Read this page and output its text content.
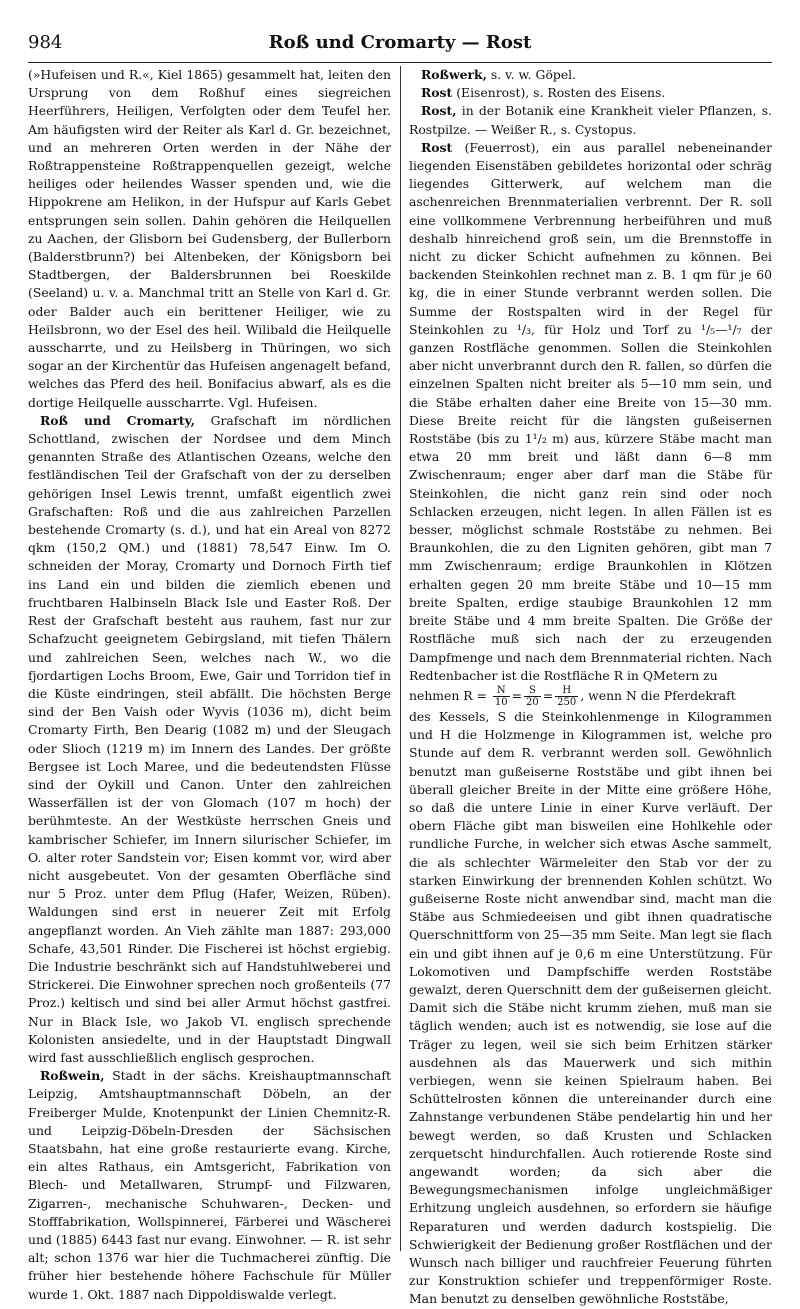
984	Roß und Cromarty — Rost

(»Hufeisen und R.«, Kiel 1865) gesammelt hat, leiten den Ursprung von dem Roßhuf eines siegreichen Heerführers, Heiligen, Verfolgten oder dem Teufel her. Am häufigsten wird der Reiter als Karl d. Gr. bezeichnet, und an mehreren Orten werden in der Nähe der Roßtrappensteine Roßtrappenquellen gezeigt, welche heiliges oder heilendes Wasser spenden und, wie die Hippokrene am Helikon, in der Hufspur auf Karls Gebet entsprungen sein sollen. Dahin gehören die Heilquellen zu Aachen, der Glisborn bei Gudensberg, der Bullerborn (Balderstbrunn?) bei Altenbeken, der Königsborn bei Stadtbergen, der Baldersbrunnen bei Roeskilde (Seeland) u. v. a. Manchmal tritt an Stelle von Karl d. Gr. oder Balder auch ein berittener Heiliger, wie zu Heilsbronn, wo der Esel des heil. Wilibald die Heilquelle ausscharrte, und zu Heilsberg in Thüringen, wo sich sogar an der Kirchentür das Hufeisen angenagelt befand, welches das Pferd des heil. Bonifacius abwarf, als es die dortige Heilquelle ausscharrte. Vgl. Hufeisen.

Roß und Cromarty, Grafschaft im nördlichen Schottland, zwischen der Nordsee und dem Minch genannten Straße des Atlantischen Ozeans, welche den festländischen Teil der Grafschaft von der zu derselben gehörigen Insel Lewis trennt, umfaßt eigentlich zwei Grafschaften: Roß und die aus zahlreichen Parzellen bestehende Cromarty (s. d.), und hat ein Areal von 8272 qkm (150,2 QM.) und (1881) 78,547 Einw. Im O. schneiden der Moray, Cromarty und Dornoch Firth tief ins Land ein und bilden die ziemlich ebenen und fruchtbaren Halbinseln Black Isle und Easter Roß. Der Rest der Grafschaft besteht aus rauhem, fast nur zur Schafzucht geeignetem Gebirgsland, mit tiefen Thälern und zahlreichen Seen, welches nach W., wo die fjordartigen Lochs Broom, Ewe, Gair und Torridon tief in die Küste eindringen, steil abfällt. Die höchsten Berge sind der Ben Vaish oder Wyvis (1036 m), dicht beim Cromarty Firth, Ben Dearig (1082 m) und der Sleugach oder Slioch (1219 m) im Innern des Landes. Der größte Bergsee ist Loch Maree, und die bedeutendsten Flüsse sind der Oykill und Canon. Unter den zahlreichen Wasserfällen ist der von Glomach (107 m hoch) der berühmteste. An der Westküste herrschen Gneis und kambrischer Schiefer, im Innern silurischer Schiefer, im O. alter roter Sandstein vor; Eisen kommt vor, wird aber nicht ausgebeutet. Von der gesamten Oberfläche sind nur 5 Proz. unter dem Pflug (Hafer, Weizen, Rüben). Waldungen sind erst in neuerer Zeit mit Erfolg angepflanzt worden. An Vieh zählte man 1887: 293,000 Schafe, 43,501 Rinder. Die Fischerei ist höchst ergiebig. Die Industrie beschränkt sich auf Handstuhlweberei und Strickerei. Die Einwohner sprechen noch großenteils (77 Proz.) keltisch und sind bei aller Armut höchst gastfrei. Nur in Black Isle, wo Jakob VI. englisch sprechende Kolonisten ansiedelte, und in der Hauptstadt Dingwall wird fast ausschließlich englisch gesprochen.

Roßwein, Stadt in der sächs. Kreishauptmannschaft Leipzig, Amtshauptmannschaft Döbeln, an der Freiberger Mulde, Knotenpunkt der Linien Chemnitz-R. und Leipzig-Döbeln-Dresden der Sächsischen Staatsbahn, hat eine große restaurierte evang. Kirche, ein altes Rathaus, ein Amtsgericht, Fabrikation von Blech- und Metallwaren, Strumpf- und Filzwaren, Zigarren-, mechanische Schuhwaren-, Decken- und Stofffabrikation, Wollspinnerei, Färberei und Wäscherei und (1885) 6443 fast nur evang. Einwohner. — R. ist sehr alt; schon 1376 war hier die Tuchmacherei zünftig. Die früher hier bestehende höhere Fachschule für Müller wurde 1. Okt. 1887 nach Dippoldiswalde verlegt.

Roßwerk, s. v. w. Göpel.

Rost (Eisenrost), s. Rosten des Eisens.

Rost, in der Botanik eine Krankheit vieler Pflanzen, s. Rostpilze. — Weißer R., s. Cystopus.

Rost (Feuerrost), ein aus parallel nebeneinander liegenden Eisenstäben gebildetes horizontal oder schräg liegendes Gitterwerk, auf welchem man die aschenreichen Brennmaterialien verbrennt. Der R. soll eine vollkommene Verbrennung herbeiführen und muß deshalb hinreichend groß sein, um die Brennstoffe in nicht zu dicker Schicht aufnehmen zu können. Bei backenden Steinkohlen rechnet man z. B. 1 qm für je 60 kg, die in einer Stunde verbrannt werden sollen. Die Summe der Rostspalten wird in der Regel für Steinkohlen zu ¹/₃, für Holz und Torf zu ¹/₅—¹/₇ der ganzen Rostfläche genommen. Sollen die Steinkohlen aber nicht unverbrannt durch den R. fallen, so dürfen die einzelnen Spalten nicht breiter als 5—10 mm sein, und die Stäbe erhalten daher eine Breite von 15—30 mm. Diese Breite reicht für die längsten gußeisernen Roststäbe (bis zu 1¹/₂ m) aus, kürzere Stäbe macht man etwa 20 mm breit und läßt dann 6—8 mm Zwischenraum; enger aber darf man die Stäbe für Steinkohlen, die nicht ganz rein sind oder noch Schlacken erzeugen, nicht legen. In allen Fällen ist es besser, möglichst schmale Roststäbe zu nehmen. Bei Braunkohlen, die zu den Ligniten gehören, gibt man 7 mm Zwischenraum; erdige Braunkohlen in Klötzen erhalten gegen 20 mm breite Stäbe und 10—15 mm breite Spalten, erdige staubige Braunkohlen 12 mm breite Stäbe und 4 mm breite Spalten. Die Größe der Rostfläche muß sich nach der zu erzeugenden Dampfmenge und nach dem Brennmaterial richten. Nach Redtenbacher ist die Rostfläche R in QMetern zu

nehmen $R = \frac{N}{10} = \frac{S}{20} = \frac{H}{250}$ , wenn N die Pferdekraft

des Kessels, S die Steinkohlenmenge in Kilogrammen und H die Holzmenge in Kilogrammen ist, welche pro Stunde auf dem R. verbrannt werden soll. Gewöhnlich benutzt man gußeiserne Roststäbe und gibt ihnen bei überall gleicher Breite in der Mitte eine größere Höhe, so daß die untere Linie in einer Kurve verläuft. Der obern Fläche gibt man bisweilen eine Hohlkehle oder rundliche Furche, in welcher sich etwas Asche sammelt, die als schlechter Wärmeleiter den Stab vor der zu starken Einwirkung der brennenden Kohlen schützt. Wo gußeiserne Roste nicht anwendbar sind, macht man die Stäbe aus Schmiedeeisen und gibt ihnen quadratische Querschnittform von 25—35 mm Seite. Man legt sie flach ein und gibt ihnen auf je 0,6 m eine Unterstützung. Für Lokomotiven und Dampfschiffe werden Roststäbe gewalzt, deren Querschnitt dem der gußeisernen gleicht. Damit sich die Stäbe nicht krumm ziehen, muß man sie täglich wenden; auch ist es notwendig, sie lose auf die Träger zu legen, weil sie sich beim Erhitzen stärker ausdehnen als das Mauerwerk und sich mithin verbiegen, wenn sie keinen Spielraum haben. Bei Schüttelrosten können die untereinander durch eine Zahnstange verbundenen Stäbe pendelartig hin und her bewegt werden, so daß Krusten und Schlacken zerquetscht hindurchfallen. Auch rotierende Roste sind angewandt worden; da sich aber die Bewegungsmechanismen infolge ungleichmäßiger Erhitzung ungleich ausdehnen, so erfordern sie häufige Reparaturen und werden dadurch kostspielig. Die Schwierigkeit der Bedienung großer Rostflächen und der Wunsch nach billiger und rauchfreier Feuerung führten zur Konstruktion schiefer und treppenförmiger Roste. Man benutzt zu denselben gewöhnliche Roststäbe,
